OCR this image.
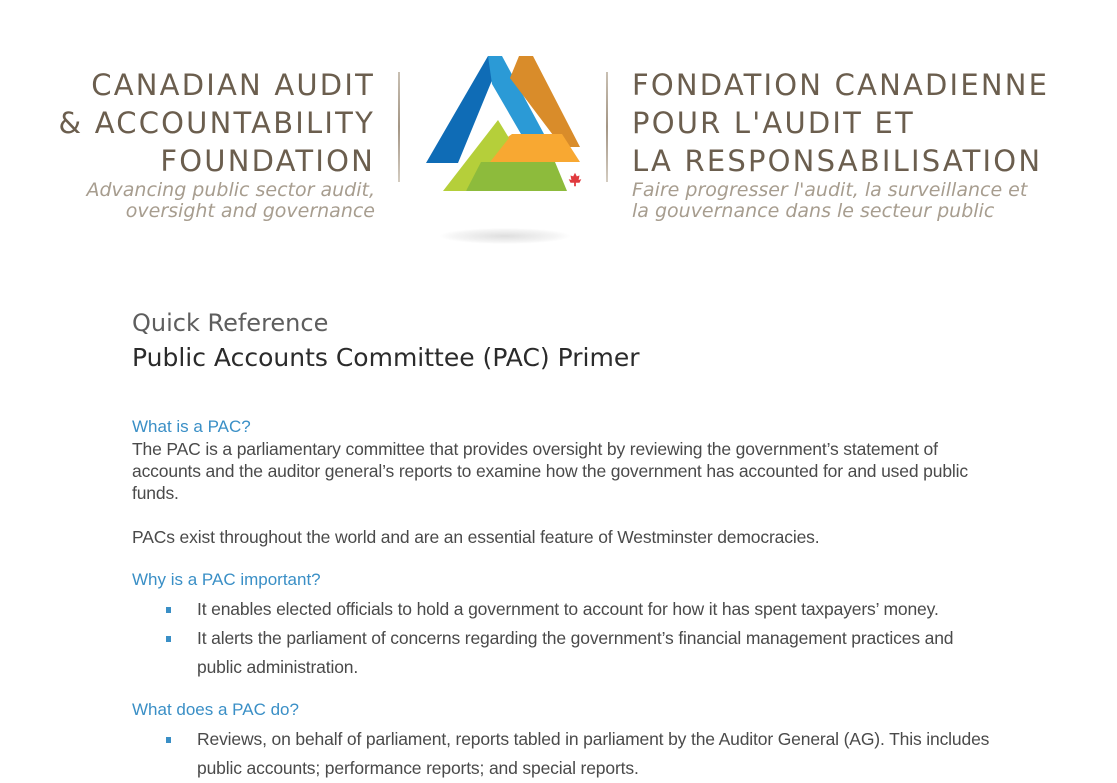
CANADIAN AUDIT
& ACCOUNTABILITY
FOUNDATION
Advancing public sector audit,
oversight and governance
FONDATION CANADIENNE
POUR L'AUDIT ET
LA RESPONSABILISATION
Faire progresser l'audit, la surveillance et
la gouvernance dans le secteur public
Quick Reference
Public Accounts Committee (PAC) Primer
What is a PAC?

The PAC is a parliamentary committee that provides oversight by reviewing the government’s statement of accounts and the auditor general’s reports to examine how the government has accounted for and used public funds.

PACs exist throughout the world and are an essential feature of Westminster democracies.

Why is a PAC important?
It enables elected officials to hold a government to account for how it has spent taxpayers’ money.
It alerts the parliament of concerns regarding the government’s financial management practices and public administration.
What does a PAC do?
Reviews, on behalf of parliament, reports tabled in parliament by the Auditor General (AG). This includes public accounts; performance reports; and special reports.
